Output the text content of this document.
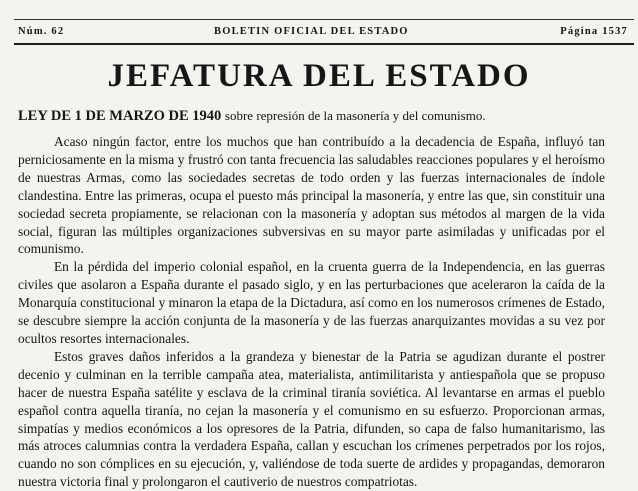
Núm. 62	BOLETIN OFICIAL DEL ESTADO	Página 1537
JEFATURA DEL ESTADO
LEY DE 1 DE MARZO DE 1940 sobre represión de la masonería y del comunismo.

Acaso ningún factor, entre los muchos que han contribuído a la decadencia de España, influyó tan perniciosamente en la misma y frustró con tanta frecuencia las saludables reacciones populares y el heroísmo de nuestras Armas, como las sociedades secretas de todo orden y las fuerzas internacionales de índole clandestina. Entre las primeras, ocupa el puesto más principal la masonería, y entre las que, sin constituir una sociedad secreta propiamente, se relacionan con la masonería y adoptan sus métodos al margen de la vida social, figuran las múltiples organizaciones subversivas en su mayor parte asimiladas y unificadas por el comunismo.

En la pérdida del imperio colonial español, en la cruenta guerra de la Independencia, en las guerras civiles que asolaron a España durante el pasado siglo, y en las perturbaciones que aceleraron la caída de la Monarquía constitucional y minaron la etapa de la Dictadura, así como en los numerosos crímenes de Estado, se descubre siempre la acción conjunta de la masonería y de las fuerzas anarquizantes movidas a su vez por ocultos resortes internacionales.

Estos graves daños inferidos a la grandeza y bienestar de la Patria se agudizan durante el postrer decenio y culminan en la terrible campaña atea, materialista, antimilitarista y antiespañola que se propuso hacer de nuestra España satélite y esclava de la criminal tiranía soviética. Al levantarse en armas el pueblo español contra aquella tiranía, no cejan la masonería y el comunismo en su esfuerzo. Proporcionan armas, simpatías y medios económicos a los opresores de la Patria, difunden, so capa de falso humanitarismo, las más atroces calumnias contra la verdadera España, callan y escuchan los crímenes perpetrados por los rojos, cuando no son cómplices en su ejecución, y, valiéndose de toda suerte de ardides y propagandas, demoraron nuestra victoria final y prolongaron el cautiverio de nuestros compatriotas.
